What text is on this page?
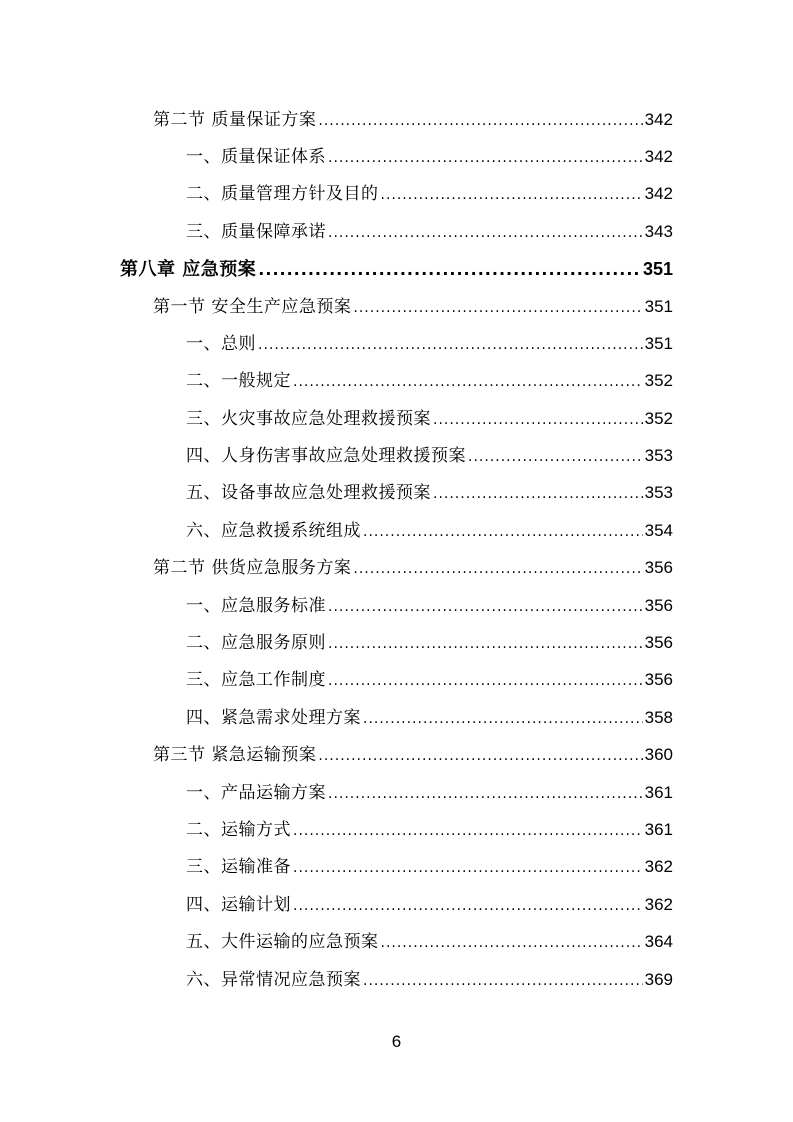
第二节 质量保证方案 .....	342
一、质量保证体系 .....	342
二、质量管理方针及目的 .....	342
三、质量保障承诺 .....	343
第八章 应急预案 .....	351
第一节 安全生产应急预案 .....	351
一、总则 .....	351
二、一般规定 .....	352
三、火灾事故应急处理救援预案 .....	352
四、人身伤害事故应急处理救援预案 .....	353
五、设备事故应急处理救援预案 .....	353
六、应急救援系统组成 .....	354
第二节 供货应急服务方案 .....	356
一、应急服务标准 .....	356
二、应急服务原则 .....	356
三、应急工作制度 .....	356
四、紧急需求处理方案 .....	358
第三节 紧急运输预案 .....	360
一、产品运输方案 .....	361
二、运输方式 .....	361
三、运输准备 .....	362
四、运输计划 .....	362
五、大件运输的应急预案 .....	364
六、异常情况应急预案 .....	369
6
